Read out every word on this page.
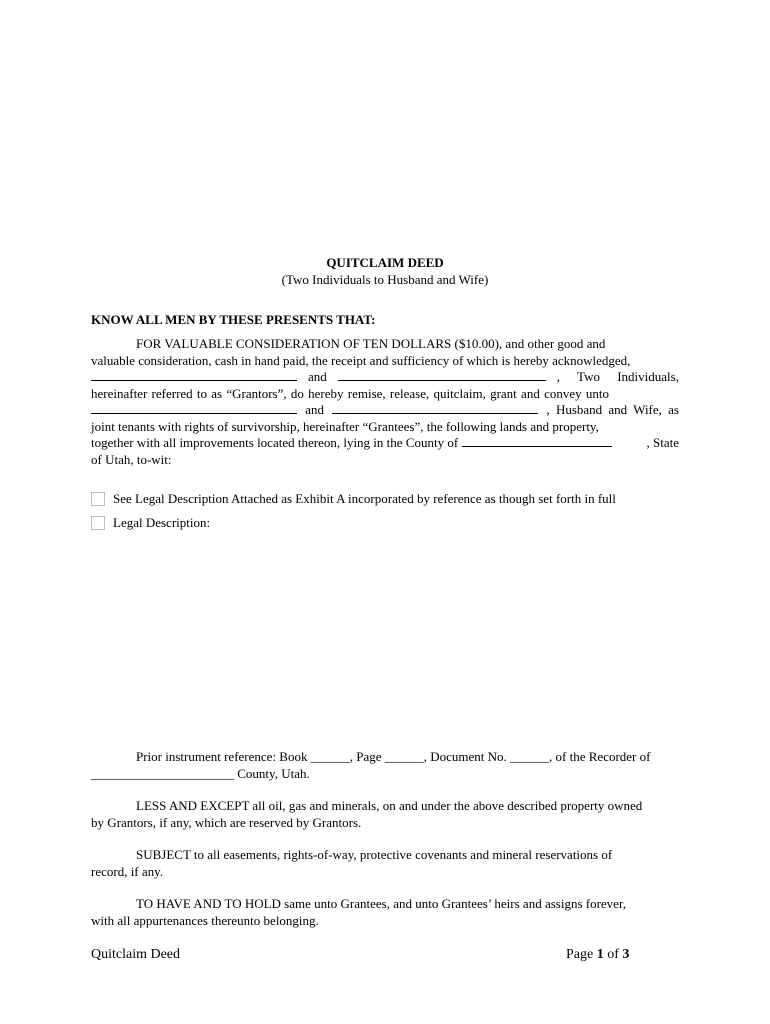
QUITCLAIM DEED
(Two Individuals to Husband and Wife)
KNOW ALL MEN BY THESE PRESENTS THAT:
FOR VALUABLE CONSIDERATION OF TEN DOLLARS ($10.00), and other good and
valuable consideration, cash in hand paid, the receipt and sufficiency of which is hereby acknowledged,
and	, Two Individuals,
hereinafter referred to as “Grantors”, do hereby remise, release, quitclaim, grant and convey unto
and	, Husband and Wife, as
joint tenants with rights of survivorship, hereinafter “Grantees”, the following lands and property,
together with all improvements located thereon, lying in the County of	, State
of Utah, to-wit:
See Legal Description Attached as Exhibit A incorporated by reference as though set forth in full
Legal Description:
Prior instrument reference: Book ______, Page ______, Document No. ______, of the Recorder of
______________________ County, Utah.
LESS AND EXCEPT all oil, gas and minerals, on and under the above described property owned
by Grantors, if any, which are reserved by Grantors.
SUBJECT to all easements, rights-of-way, protective covenants and mineral reservations of
record, if any.
TO HAVE AND TO HOLD same unto Grantees, and unto Grantees’ heirs and assigns forever,
with all appurtenances thereunto belonging.
Quitclaim Deed	Page 1 of 3
